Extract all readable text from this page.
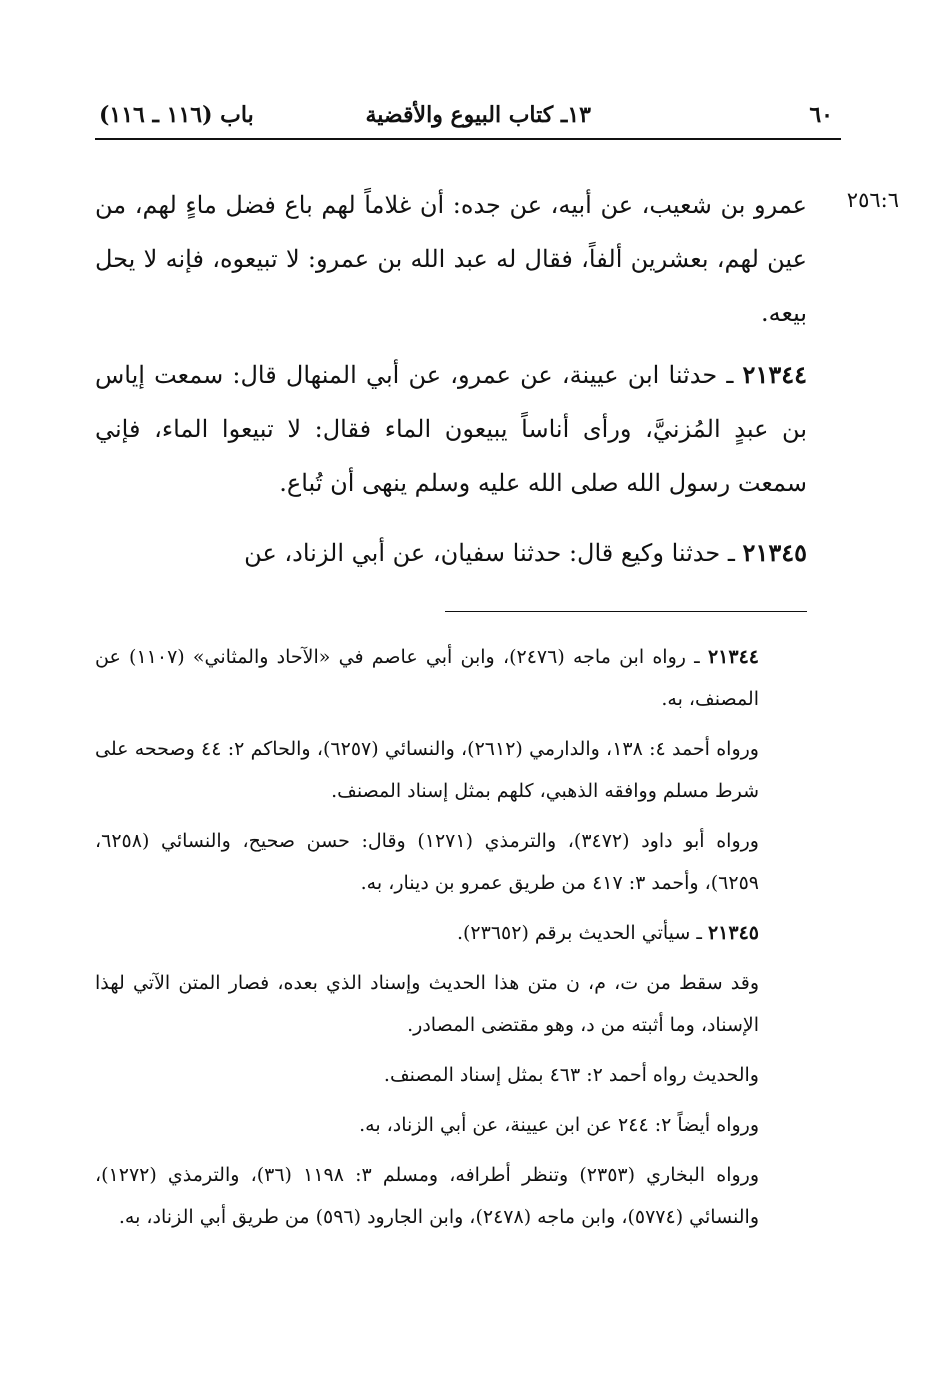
٦٠
١٣ـ كتاب البيوع والأقضية
باب (١١٦ ـ ١١٦)
٢٥٦:٦

عمرو بن شعيب، عن أبيه، عن جده: أن غلاماً لهم باع فضل ماءٍ لهم، من عين لهم، بعشرين ألفاً، فقال له عبد الله بن عمرو: لا تبيعوه، فإنه لا يحل بيعه.

٢١٣٤٤ ـ حدثنا ابن عيينة، عن عمرو، عن أبي المنهال قال: سمعت إياس بن عبدٍ المُزنيَّ، ورأى أناساً يبيعون الماء فقال: لا تبيعوا الماء، فإني سمعت رسول الله صلى الله عليه وسلم ينهى أن تُباع.

٢١٣٤٥ ـ حدثنا وكيع قال: حدثنا سفيان، عن أبي الزناد، عن

٢١٣٤٤ ـ رواه ابن ماجه (٢٤٧٦)، وابن أبي عاصم في «الآحاد والمثاني» (١١٠٧) عن المصنف، به.

ورواه أحمد ٤: ١٣٨، والدارمي (٢٦١٢)، والنسائي (٦٢٥٧)، والحاكم ٢: ٤٤ وصححه على شرط مسلم ووافقه الذهبي، كلهم بمثل إسناد المصنف.

ورواه أبو داود (٣٤٧٢)، والترمذي (١٢٧١) وقال: حسن صحيح، والنسائي (٦٢٥٨، ٦٢٥٩)، وأحمد ٣: ٤١٧ من طريق عمرو بن دينار، به.

٢١٣٤٥ ـ سيأتي الحديث برقم (٢٣٦٥٢).

وقد سقط من ت، م، ن متن هذا الحديث وإسناد الذي بعده، فصار المتن الآتي لهذا الإسناد، وما أثبته من د، وهو مقتضى المصادر.

والحديث رواه أحمد ٢: ٤٦٣ بمثل إسناد المصنف.

ورواه أيضاً ٢: ٢٤٤ عن ابن عيينة، عن أبي الزناد، به.

ورواه البخاري (٢٣٥٣) وتنظر أطرافه، ومسلم ٣: ١١٩٨ (٣٦)، والترمذي (١٢٧٢)، والنسائي (٥٧٧٤)، وابن ماجه (٢٤٧٨)، وابن الجارود (٥٩٦) من طريق أبي الزناد، به.
